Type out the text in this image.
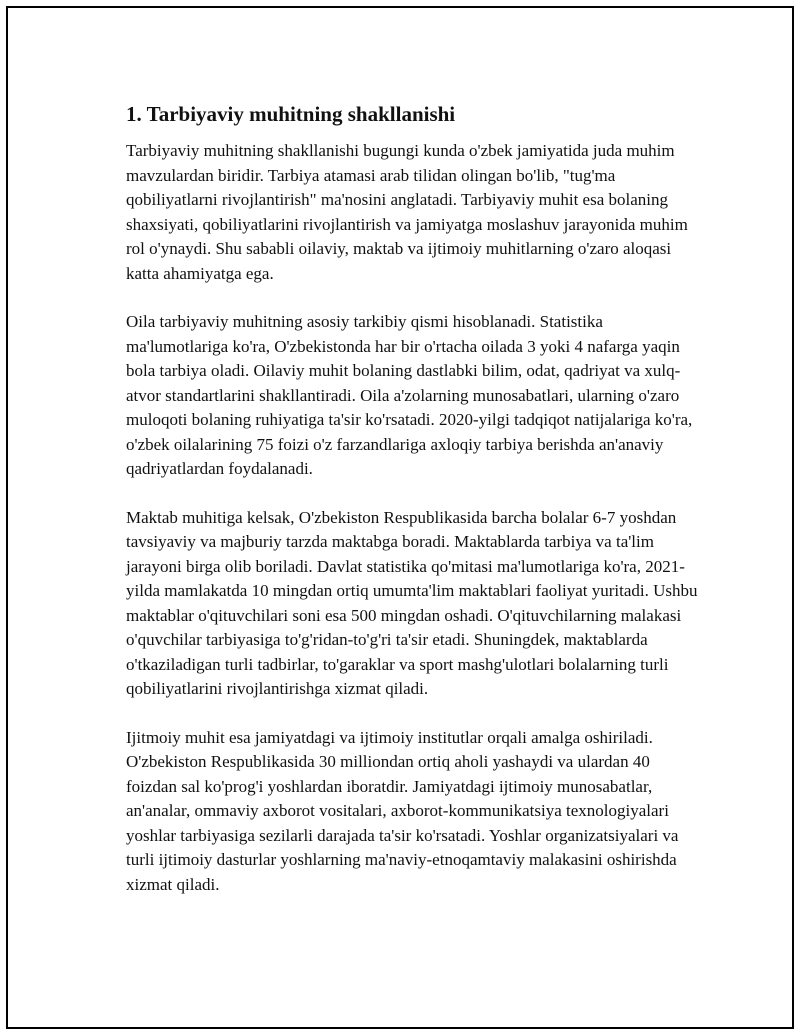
1. Tarbiyaviy muhitning shakllanishi

Tarbiyaviy muhitning shakllanishi bugungi kunda o'zbek jamiyatida juda muhim mavzulardan biridir. Tarbiya atamasi arab tilidan olingan bo'lib, "tug'ma qobiliyatlarni rivojlantirish" ma'nosini anglatadi. Tarbiyaviy muhit esa bolaning shaxsiyati, qobiliyatlarini rivojlantirish va jamiyatga moslashuv jarayonida muhim rol o'ynaydi. Shu sababli oilaviy, maktab va ijtimoiy muhitlarning o'zaro aloqasi katta ahamiyatga ega.

Oila tarbiyaviy muhitning asosiy tarkibiy qismi hisoblanadi. Statistika ma'lumotlariga ko'ra, O'zbekistonda har bir o'rtacha oilada 3 yoki 4 nafarga yaqin bola tarbiya oladi. Oilaviy muhit bolaning dastlabki bilim, odat, qadriyat va xulq-atvor standartlarini shakllantiradi. Oila a'zolarning munosabatlari, ularning o'zaro muloqoti bolaning ruhiyatiga ta'sir ko'rsatadi. 2020-yilgi tadqiqot natijalariga ko'ra, o'zbek oilalarining 75 foizi o'z farzandlariga axloqiy tarbiya berishda an'anaviy qadriyatlardan foydalanadi.

Maktab muhitiga kelsak, O'zbekiston Respublikasida barcha bolalar 6-7 yoshdan tavsiyaviy va majburiy tarzda maktabga boradi. Maktablarda tarbiya va ta'lim jarayoni birga olib boriladi. Davlat statistika qo'mitasi ma'lumotlariga ko'ra, 2021-yilda mamlakatda 10 mingdan ortiq umumta'lim maktablari faoliyat yuritadi. Ushbu maktablar o'qituvchilari soni esa 500 mingdan oshadi. O'qituvchilarning malakasi o'quvchilar tarbiyasiga to'g'ridan-to'g'ri ta'sir etadi. Shuningdek, maktablarda o'tkaziladigan turli tadbirlar, to'garaklar va sport mashg'ulotlari bolalarning turli qobiliyatlarini rivojlantirishga xizmat qiladi.

Ijitmoiy muhit esa jamiyatdagi va ijtimoiy institutlar orqali amalga oshiriladi. O'zbekiston Respublikasida 30 milliondan ortiq aholi yashaydi va ulardan 40 foizdan sal ko'prog'i yoshlardan iboratdir. Jamiyatdagi ijtimoiy munosabatlar, an'analar, ommaviy axborot vositalari, axborot-kommunikatsiya texnologiyalari yoshlar tarbiyasiga sezilarli darajada ta'sir ko'rsatadi. Yoshlar organizatsiyalari va turli ijtimoiy dasturlar yoshlarning ma'naviy-etnoqamtaviy malakasini oshirishda xizmat qiladi.
